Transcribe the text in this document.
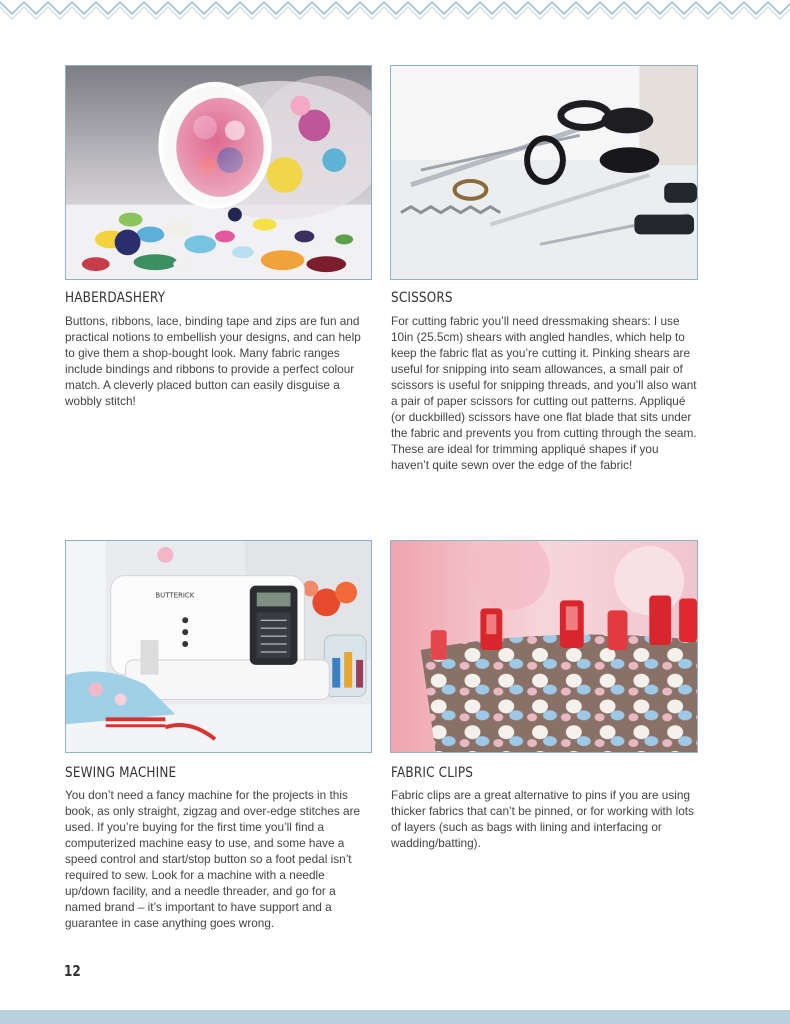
HABERDASHERY

Buttons, ribbons, lace, binding tape and zips are fun and practical notions to embellish your designs, and can help to give them a shop-bought look. Many fabric ranges include bindings and ribbons to provide a perfect colour match. A cleverly placed button can easily disguise a wobbly stitch!

SCISSORS

For cutting fabric you’ll need dressmaking shears: I use 10in (25.5cm) shears with angled handles, which help to keep the fabric flat as you’re cutting it. Pinking shears are useful for snipping into seam allowances, a small pair of scissors is useful for snipping threads, and you’ll also want a pair of paper scissors for cutting out patterns. Appliqué (or duckbilled) scissors have one flat blade that sits under the fabric and prevents you from cutting through the seam. These are ideal for trimming appliqué shapes if you haven’t quite sewn over the edge of the fabric!

BUTTERICK
SEWING MACHINE

You don’t need a fancy machine for the projects in this book, as only straight, zigzag and over-edge stitches are used. If you’re buying for the first time you’ll find a computerized machine easy to use, and some have a speed control and start/stop button so a foot pedal isn’t required to sew. Look for a machine with a needle up/down facility, and a needle threader, and go for a named brand – it’s important to have support and a guarantee in case anything goes wrong.

FABRIC CLIPS

Fabric clips are a great alternative to pins if you are using thicker fabrics that can’t be pinned, or for working with lots of layers (such as bags with lining and interfacing or wadding/batting).

12
